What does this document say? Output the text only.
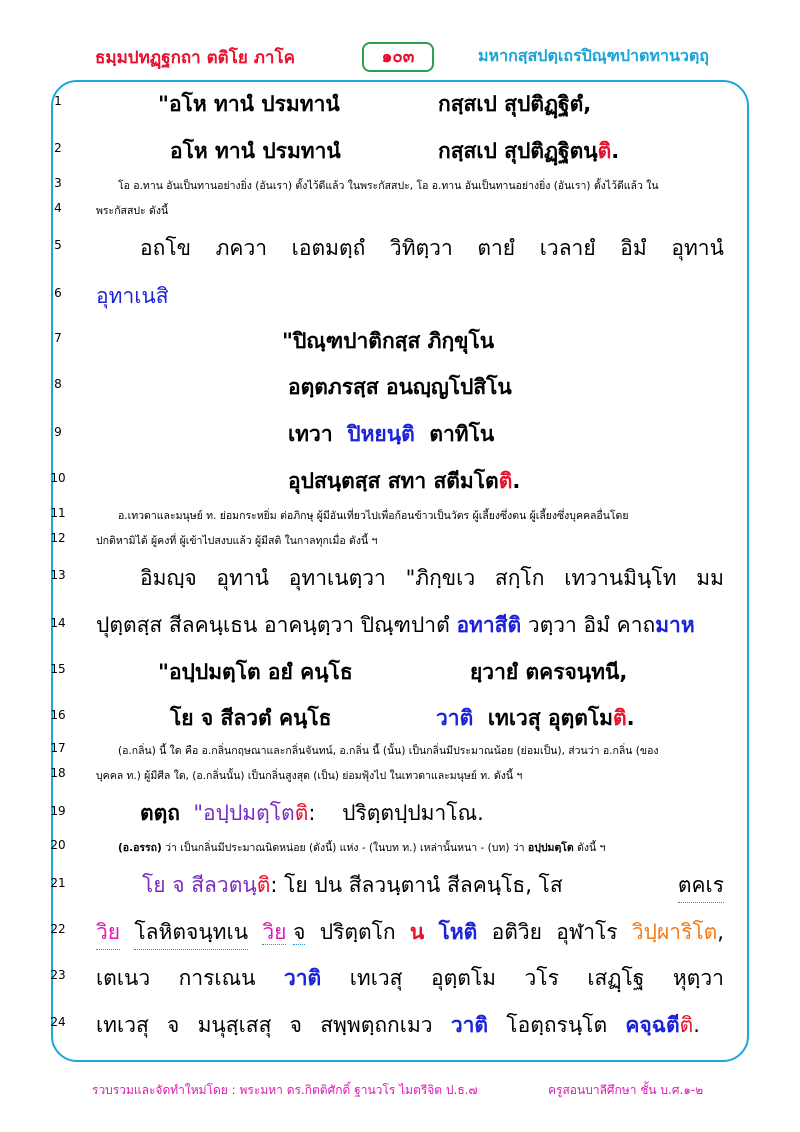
ธมฺมปทฏฺฐกถา ตติโย ภาโค	๑๐๓	มหากสฺสปตฺเถรปิณฺฑปาตทานวตฺถุ
1
2
3
4
5
6
7
8
9
10
11
12
13
14
15
16
17
18
19
20
21
22
23
24
"อโห ทานํ ปรมทานํ	กสฺสเป สุปติฏฺฐิตํ,
อโห ทานํ ปรมทานํ	กสฺสเป สุปติฏฺฐิตนฺติ.
โอ อ.ทาน อันเป็นทานอย่างยิ่ง (อันเรา) ตั้งไว้ดีแล้ว ในพระกัสสปะ, โอ อ.ทาน อันเป็นทานอย่างยิ่ง (อันเรา) ตั้งไว้ดีแล้ว ใน
พระกัสสปะ ดังนี้
อถโข ภควา เอตมตฺถํ วิทิตฺวา ตายํ เวลายํ อิมํ อุทานํ
อุทาเนสิ
"ปิณฺฑปาติกสฺส ภิกฺขุโน
อตฺตภรสฺส อนญฺญโปสิโน
เทวา ปิหยนฺติ ตาทิโน
อุปสนฺตสฺส สทา สตีมโตติ.
อ.เทวดาและมนุษย์ ท. ย่อมกระหยิ่ม ต่อภิกษุ ผู้มีอันเที่ยวไปเพื่อก้อนข้าวเป็นวัตร ผู้เลี้ยงซึ่งตน ผู้เลี้ยงซึ่งบุคคลอื่นโดย
ปกติหามิได้ ผู้คงที่ ผู้เข้าไปสงบแล้ว ผู้มีสติ ในกาลทุกเมื่อ ดังนี้ ฯ
อิมญฺจ อุทานํ อุทาเนตฺวา "ภิกฺขเว สกฺโก เทวานมินฺโท มม
ปุตฺตสฺส สีลคนฺเธน อาคนฺตฺวา ปิณฺฑปาตํ อทาสีติ วตฺวา อิมํ คาถมาห
"อปฺปมตฺโต อยํ คนฺโธ	ยฺวายํ ตครจนฺทนี,
โย จ สีลวตํ คนฺโธ	วาติ เทเวสุ อุตฺตโมติ.
(อ.กลิ่น) นี้ ใด คือ อ.กลิ่นกฤษณาและกลิ่นจันทน์, อ.กลิ่น นี้ (นั้น) เป็นกลิ่นมีประมาณน้อย (ย่อมเป็น), ส่วนว่า อ.กลิ่น (ของ
บุคคล ท.) ผู้มีศีล ใด, (อ.กลิ่นนั้น) เป็นกลิ่นสูงสุด (เป็น) ย่อมฟุ้งไป ในเทวดาและมนุษย์ ท. ดังนี้ ฯ
ตตฺถ "อปฺปมตฺโตติ: ปริตฺตปฺปมาโณ.
(อ.อรรถ) ว่า เป็นกลิ่นมีประมาณนิดหน่อย (ดังนี้) แห่ง - (ในบท ท.) เหล่านั้นหนา - (บท) ว่า อปฺปมตฺโต ดังนี้ ฯ
โย จ สีลวตนฺติ: โย ปน สีลวนฺตานํ สีลคนฺโธ, โส	ตคเร
วิย โลหิตจนฺทเน วิย จ ปริตฺตโก น โหติ อติวิย อุฬาโร วิปฺผาริโต,
เตเนว การเณน วาติ เทเวสุ อุตฺตโม วโร เสฏฺโฐ หุตฺวา
เทเวสุ จ มนุสฺเสสุ จ สพฺพตฺถกเมว วาติ โอตฺถรนฺโต คจฺฉตีติ.
รวบรวมและจัดทำใหม่โดย : พระมหา ดร.กิตติศักดิ์ ฐานวโร ไมตรีจิต ป.ธ.๗	ครูสอนบาลีศึกษา ชั้น บ.ศ.๑-๒
